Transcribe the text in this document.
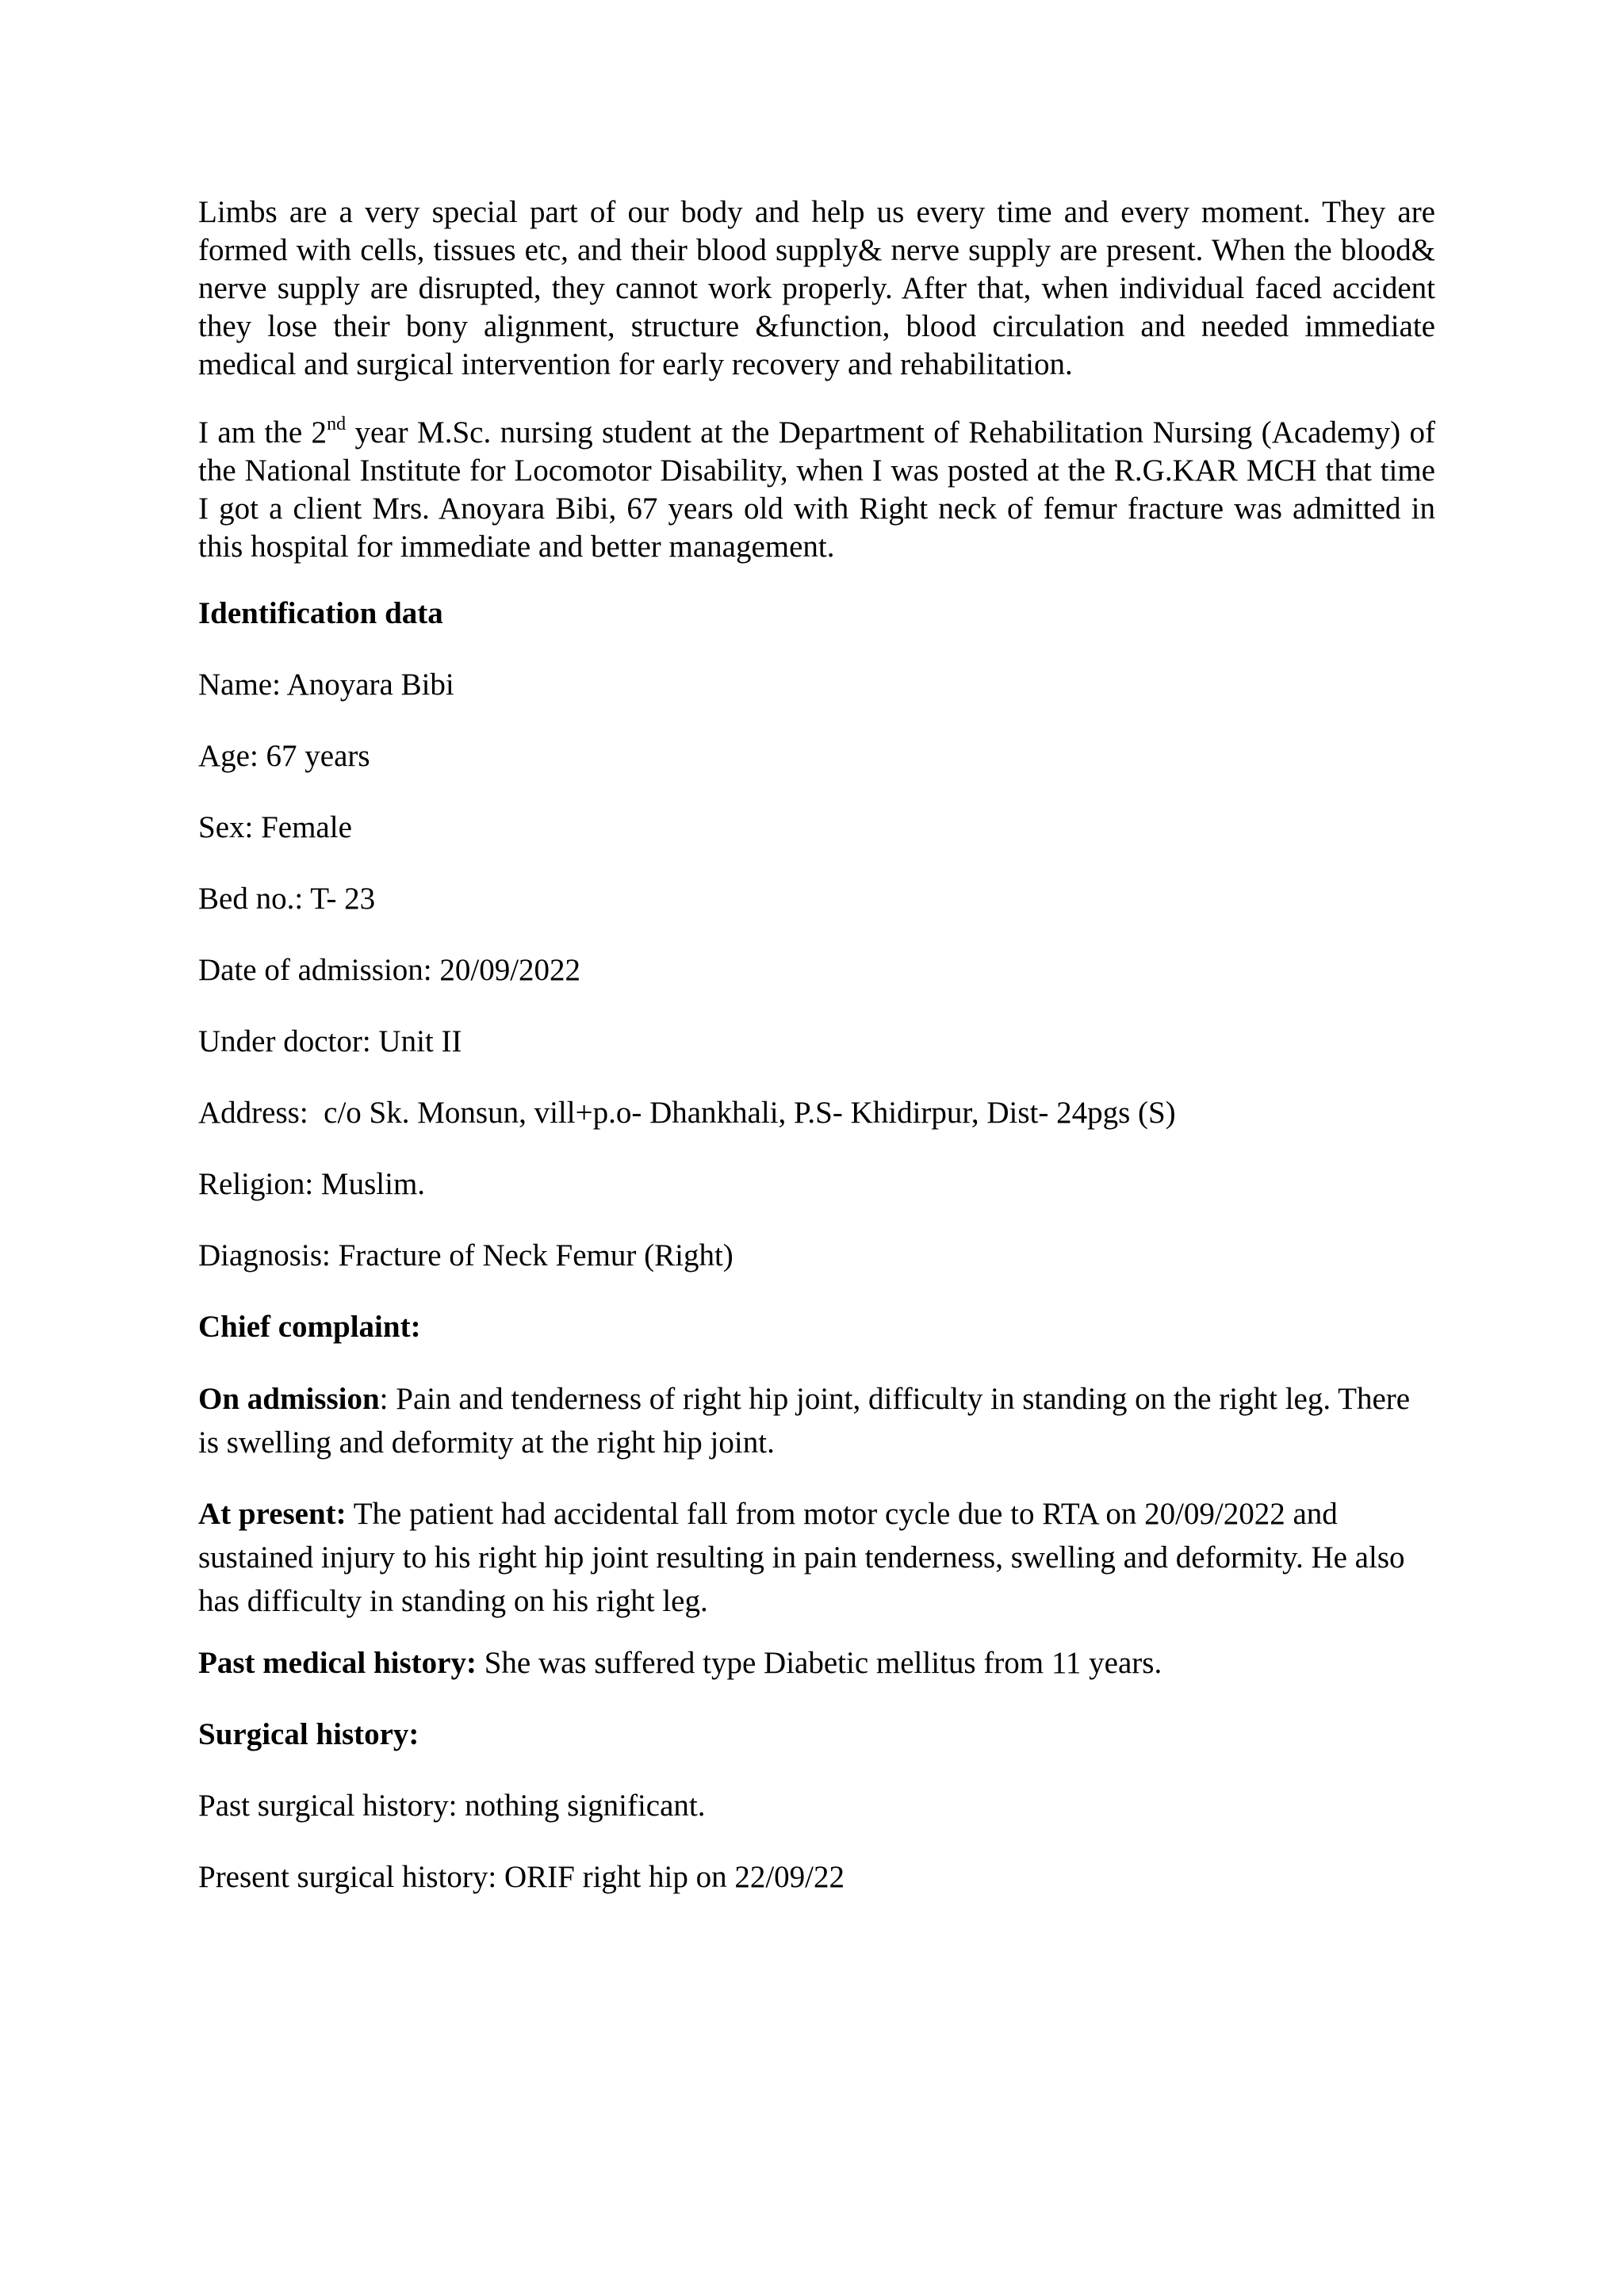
Limbs are a very special part of our body and help us every time and every moment. They are formed with cells, tissues etc, and their blood supply& nerve supply are present. When the blood& nerve supply are disrupted, they cannot work properly. After that, when individual faced accident they lose their bony alignment, structure &function, blood circulation and needed immediate medical and surgical intervention for early recovery and rehabilitation.

I am the 2nd year M.Sc. nursing student at the Department of Rehabilitation Nursing (Academy) of the National Institute for Locomotor Disability, when I was posted at the R.G.KAR MCH that time I got a client Mrs. Anoyara Bibi, 67 years old with Right neck of femur fracture was admitted in this hospital for immediate and better management.

Identification data

Name: Anoyara Bibi

Age: 67 years

Sex: Female

Bed no.: T- 23

Date of admission: 20/09/2022

Under doctor: Unit II

Address:  c/o Sk. Monsun, vill+p.o- Dhankhali, P.S- Khidirpur, Dist- 24pgs (S)

Religion: Muslim.

Diagnosis: Fracture of Neck Femur (Right)

Chief complaint:

On admission: Pain and tenderness of right hip joint, difficulty in standing on the right leg. There is swelling and deformity at the right hip joint.

At present: The patient had accidental fall from motor cycle due to RTA on 20/09/2022 and sustained injury to his right hip joint resulting in pain tenderness, swelling and deformity. He also has difficulty in standing on his right leg.

Past medical history: She was suffered type Diabetic mellitus from 11 years.

Surgical history:

Past surgical history: nothing significant.

Present surgical history: ORIF right hip on 22/09/22
